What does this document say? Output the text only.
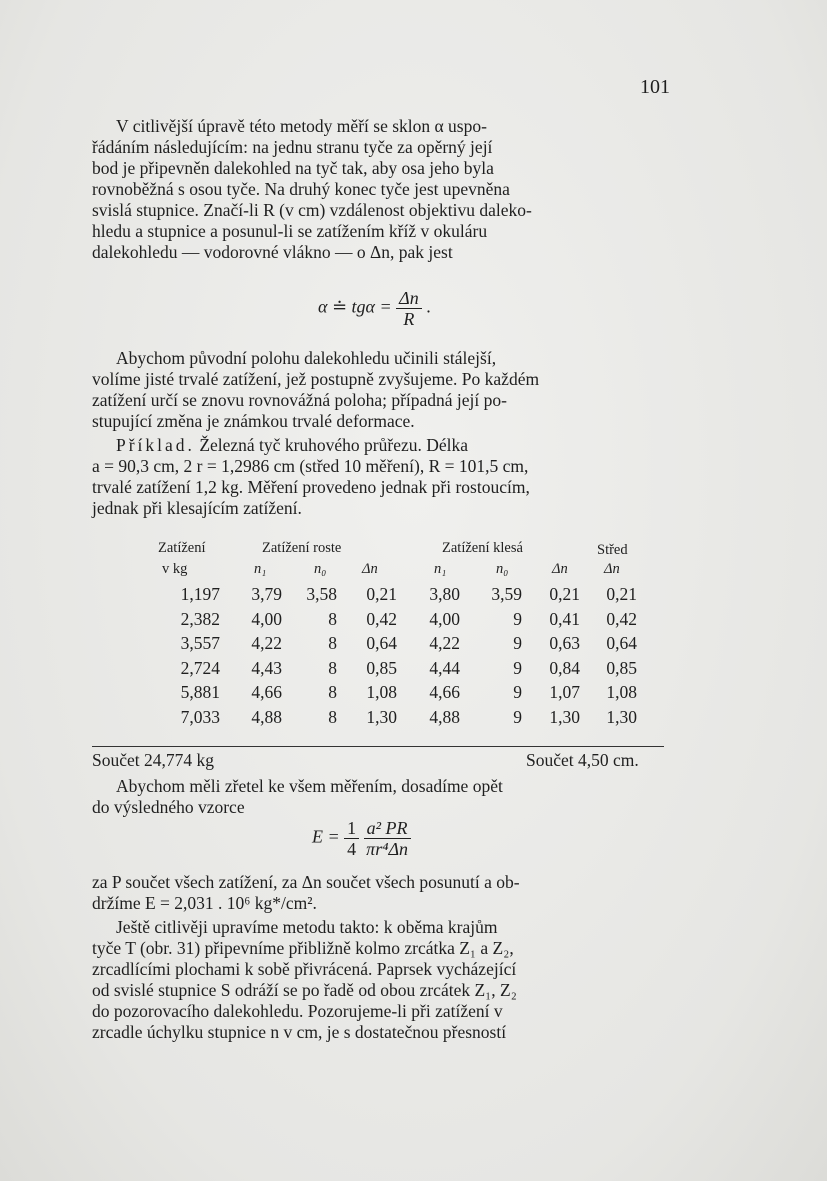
101

V citlivější úpravě této metody měří se sklon α uspo-

řádáním následujícím: na jednu stranu tyče za opěrný její

bod je připevněn dalekohled na tyč tak, aby osa jeho byla

rovnoběžná s osou tyče. Na druhý konec tyče jest upevněna

svislá stupnice. Značí-li R (v cm) vzdálenost objektivu daleko-

hledu a stupnice a posunul-li se zatížením kříž v okuláru

dalekohledu — vodorovné vlákno — o Δn, pak jest

α ≐ $tg\alpha = \frac{\Delta n}{R}$ .

Abychom původní polohu dalekohledu učinili stálejší,

volíme jisté trvalé zatížení, jež postupně zvyšujeme. Po každém

zatížení určí se znovu rovnovážná poloha; případná její po-

stupující změna je známkou trvalé deformace.

Příklad. Železná tyč kruhového průřezu. Délka

a = 90,3 cm, 2 r = 1,2986 cm (střed 10 měření), R = 101,5 cm,

trvalé zatížení 1,2 kg. Měření provedeno jednak při rostoucím,

jednak při klesajícím zatížení.

Zatížení	Zatížení roste	Zatížení klesá	Střed
v kg	n₁	n₀ Δn	n₁	n₀	Δn Δn
1,197 3,79 3,58 0,21 3,80 3,59 0,21 0,21
2,382 4,00	8 0,42 4,00	9 0,41 0,42
3,557 4,22	8 0,64 4,22	9 0,63 0,64
2,724 4,43	8 0,85 4,44	9 0,84 0,85
5,881 4,66	8 1,08 4,66	9 1,07 1,08
7,033 4,88	8 1,30 4,88	9 1,30 1,30
Součet 24,774 kg	Součet 4,50 cm.

Abychom měli zřetel ke všem měřením, dosadíme opět

do výsledného vzorce

$E = \frac{1}{4}$
$\frac{\text{a² PR}}{\text{πr⁴Δn}}$

za P součet všech zatížení, za Δn součet všech posunutí a ob-

držíme E = 2,031 . 10⁶ kg*/cm².

Ještě citlivěji upravíme metodu takto: k oběma krajům

tyče T (obr. 31) připevníme přibližně kolmo zrcátka Z₁ a Z₂,

zrcadlícími plochami k sobě přivrácená. Paprsek vycházející

od svislé stupnice S odráží se po řadě od obou zrcátek Z₁, Z₂

do pozorovacího dalekohledu. Pozorujeme-li při zatížení v

zrcadle úchylku stupnice n v cm, je s dostatečnou přesností
